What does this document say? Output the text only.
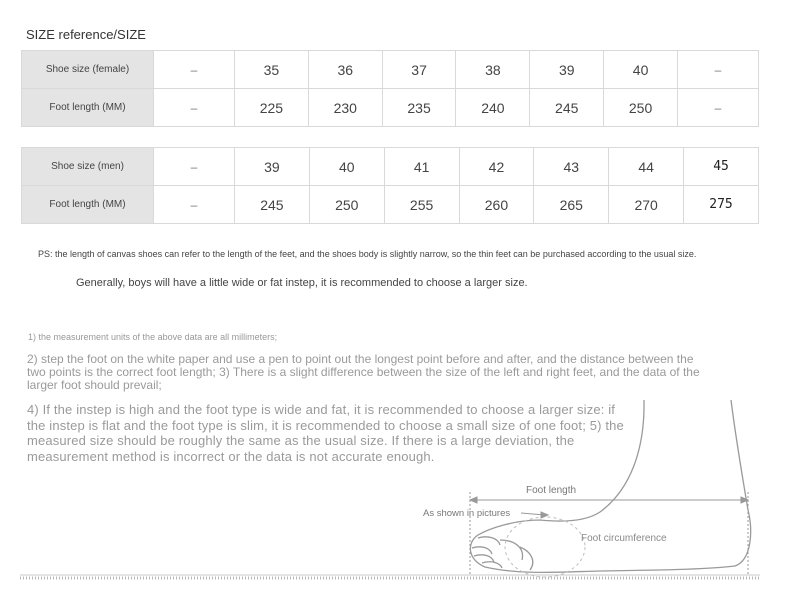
SIZE reference/SIZE
Shoe size (female)	–	35	36	37	38	39	40	–
Foot length (MM)	–	225	230	235	240	245	250	–
Shoe size (men)	–	39	40	41	42	43	44	45
Foot length (MM)	–	245	250	255	260	265	270	275
PS: the length of canvas shoes can refer to the length of the feet, and the shoes body is slightly narrow, so the thin feet can be purchased according to the usual size.
Generally, boys will have a little wide or fat instep, it is recommended to choose a larger size.
1) the measurement units of the above data are all millimeters;
2) step the foot on the white paper and use a pen to point out the longest point before and after, and the distance between the two points is the correct foot length; 3) There is a slight difference between the size of the left and right feet, and the data of the larger foot should prevail;
4) If the instep is high and the foot type is wide and fat, it is recommended to choose a larger size: if the instep is flat and the foot type is slim, it is recommended to choose a small size of one foot; 5) the measured size should be roughly the same as the usual size. If there is a large deviation, the measurement method is incorrect or the data is not accurate enough.
Foot length
As shown in pictures
Foot circumference
